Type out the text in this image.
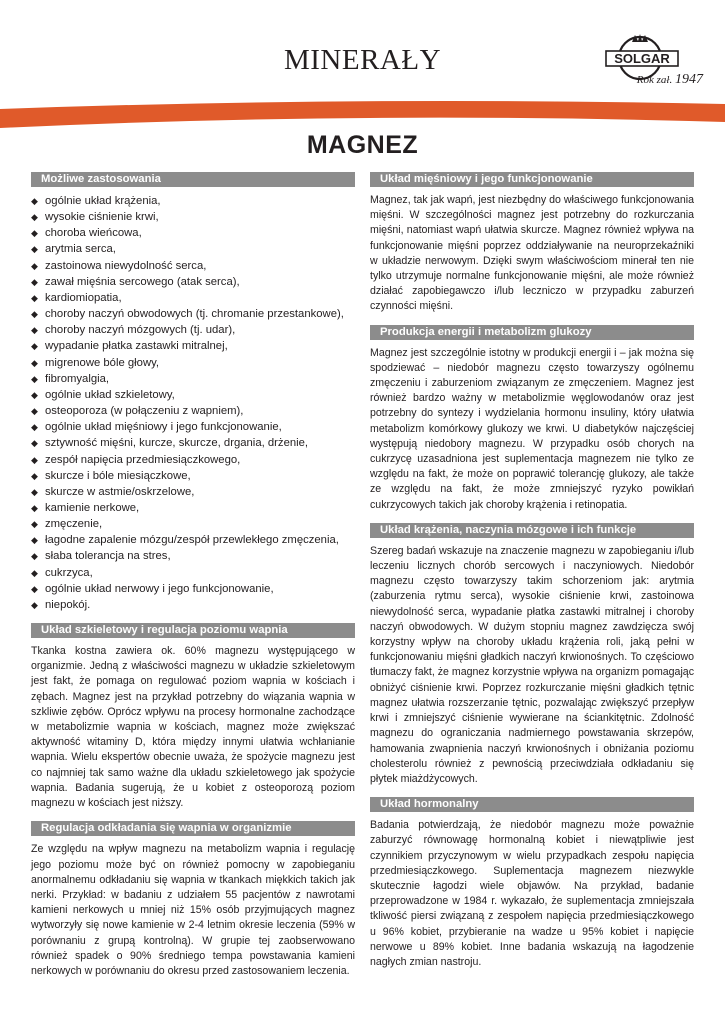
MINERAŁY	SOLGAR
Rok zał. 1947
MAGNEZ
Możliwe zastosowania
◆ ogólnie układ krążenia,
◆ wysokie ciśnienie krwi,
◆ choroba wieńcowa,
◆ arytmia serca,
◆ zastoinowa niewydolność serca,
◆ zawał mięśnia sercowego (atak serca),
◆ kardiomiopatia,
◆ choroby naczyń obwodowych (tj. chromanie przestankowe),
◆ choroby naczyń mózgowych (tj. udar),
◆ wypadanie płatka zastawki mitralnej,
◆ migrenowe bóle głowy,
◆ fibromyalgia,
◆ ogólnie układ szkieletowy,
◆ osteoporoza (w połączeniu z wapniem),
◆ ogólnie układ mięśniowy i jego funkcjonowanie,
◆ sztywność mięśni, kurcze, skurcze, drgania, drżenie,
◆ zespół napięcia przedmiesiączkowego,
◆ skurcze i bóle miesiączkowe,
◆ skurcze w astmie/oskrzelowe,
◆ kamienie nerkowe,
◆ zmęczenie,
◆ łagodne zapalenie mózgu/zespół przewlekłego zmęczenia,
◆ słaba tolerancja na stres,
◆ cukrzyca,
◆ ogólnie układ nerwowy i jego funkcjonowanie,
◆ niepokój.
Układ szkieletowy i regulacja poziomu wapnia

Tkanka kostna zawiera ok. 60% magnezu występującego w organizmie. Jedną z właściwości magnezu w układzie szkieletowym jest fakt, że pomaga on regulować poziom wapnia w kościach i zębach. Magnez jest na przykład potrzebny do wiązania wapnia w szkliwie zębów. Oprócz wpływu na procesy hormonalne zachodzące w metabolizmie wapnia w kościach, magnez może zwiększać aktywność witaminy D, która między innymi ułatwia wchłanianie wapnia. Wielu ekspertów obecnie uważa, że spożycie magnezu jest co najmniej tak samo ważne dla układu szkieletowego jak spożycie wapnia. Badania sugerują, że u kobiet z osteoporozą poziom magnezu w kościach jest niższy.

Regulacja odkładania się wapnia w organizmie

Ze względu na wpływ magnezu na metabolizm wapnia i regulację jego poziomu może być on również pomocny w zapobieganiu anormalnemu odkładaniu się wapnia w tkankach miękkich takich jak nerki. Przykład: w badaniu z udziałem 55 pacjentów z nawrotami kamieni nerkowych u mniej niż 15% osób przyjmujących magnez wytworzyły się nowe kamienie w 2-4 letnim okresie leczenia (59% w porównaniu z grupą kontrolną). W grupie tej zaobserwowano również spadek o 90% średniego tempa powstawania kamieni nerkowych w porównaniu do okresu przed zastosowaniem leczenia.

Układ mięśniowy i jego funkcjonowanie

Magnez, tak jak wapń, jest niezbędny do właściwego funkcjonowania mięśni. W szczególności magnez jest potrzebny do rozkurczania mięśni, natomiast wapń ułatwia skurcze. Magnez również wpływa na funkcjonowanie mięśni poprzez oddziaływanie na neuroprzekaźniki w układzie nerwowym. Dzięki swym właściwościom minerał ten nie tylko utrzymuje normalne funkcjonowanie mięśni, ale może również działać zapobiegawczo i/lub leczniczo w przypadku zaburzeń czynności mięśni.

Produkcja energii i metabolizm glukozy

Magnez jest szczególnie istotny w produkcji energii i – jak można się spodziewać – niedobór magnezu często towarzyszy ogólnemu zmęczeniu i zaburzeniom związanym ze zmęczeniem. Magnez jest również bardzo ważny w metabolizmie węglowodanów oraz jest potrzebny do syntezy i wydzielania hormonu insuliny, który ułatwia metabolizm komórkowy glukozy we krwi. U diabetyków najczęściej występują niedobory magnezu. W przypadku osób chorych na cukrzycę uzasadniona jest suplementacja magnezem nie tylko ze względu na fakt, że może on poprawić tolerancję glukozy, ale także ze względu na fakt, że może zmniejszyć ryzyko powikłań cukrzycowych takich jak choroby krążenia i retinopatia.

Układ krążenia, naczynia mózgowe i ich funkcje

Szereg badań wskazuje na znaczenie magnezu w zapobieganiu i/lub leczeniu licznych chorób sercowych i naczyniowych. Niedobór magnezu często towarzyszy takim schorzeniom jak: arytmia (zaburzenia rytmu serca), wysokie ciśnienie krwi, zastoinowa niewydolność serca, wypadanie płatka zastawki mitralnej i choroby naczyń obwodowych. W dużym stopniu magnez zawdzięcza swój korzystny wpływ na choroby układu krążenia roli, jaką pełni w funkcjonowaniu mięśni gładkich naczyń krwionośnych. To częściowo tłumaczy fakt, że magnez korzystnie wpływa na organizm pomagając obniżyć ciśnienie krwi. Poprzez rozkurczanie mięśni gładkich tętnic magnez ułatwia rozszerzanie tętnic, pozwalając zwiększyć przepływ krwi i zmniejszyć ciśnienie wywierane na ściankitętnic. Zdolność magnezu do ograniczania nadmiernego powstawania skrzepów, hamowania zwapnienia naczyń krwionośnych i obniżania poziomu cholesterolu również z pewnością przeciwdziała odkładaniu się płytek miażdżycowych.

Układ hormonalny

Badania potwierdzają, że niedobór magnezu może poważnie zaburzyć równowagę hormonalną kobiet i niewątpliwie jest czynnikiem przyczynowym w wielu przypadkach zespołu napięcia przedmiesiączkowego. Suplementacja magnezem niezwykle skutecznie łagodzi wiele objawów. Na przykład, badanie przeprowadzone w 1984 r. wykazało, że suplementacja zmniejszała tkliwość piersi związaną z zespołem napięcia przedmiesiączkowego u 96% kobiet, przybieranie na wadze u 95% kobiet i napięcie nerwowe u 89% kobiet. Inne badania wskazują na łagodzenie nagłych zmian nastroju.
